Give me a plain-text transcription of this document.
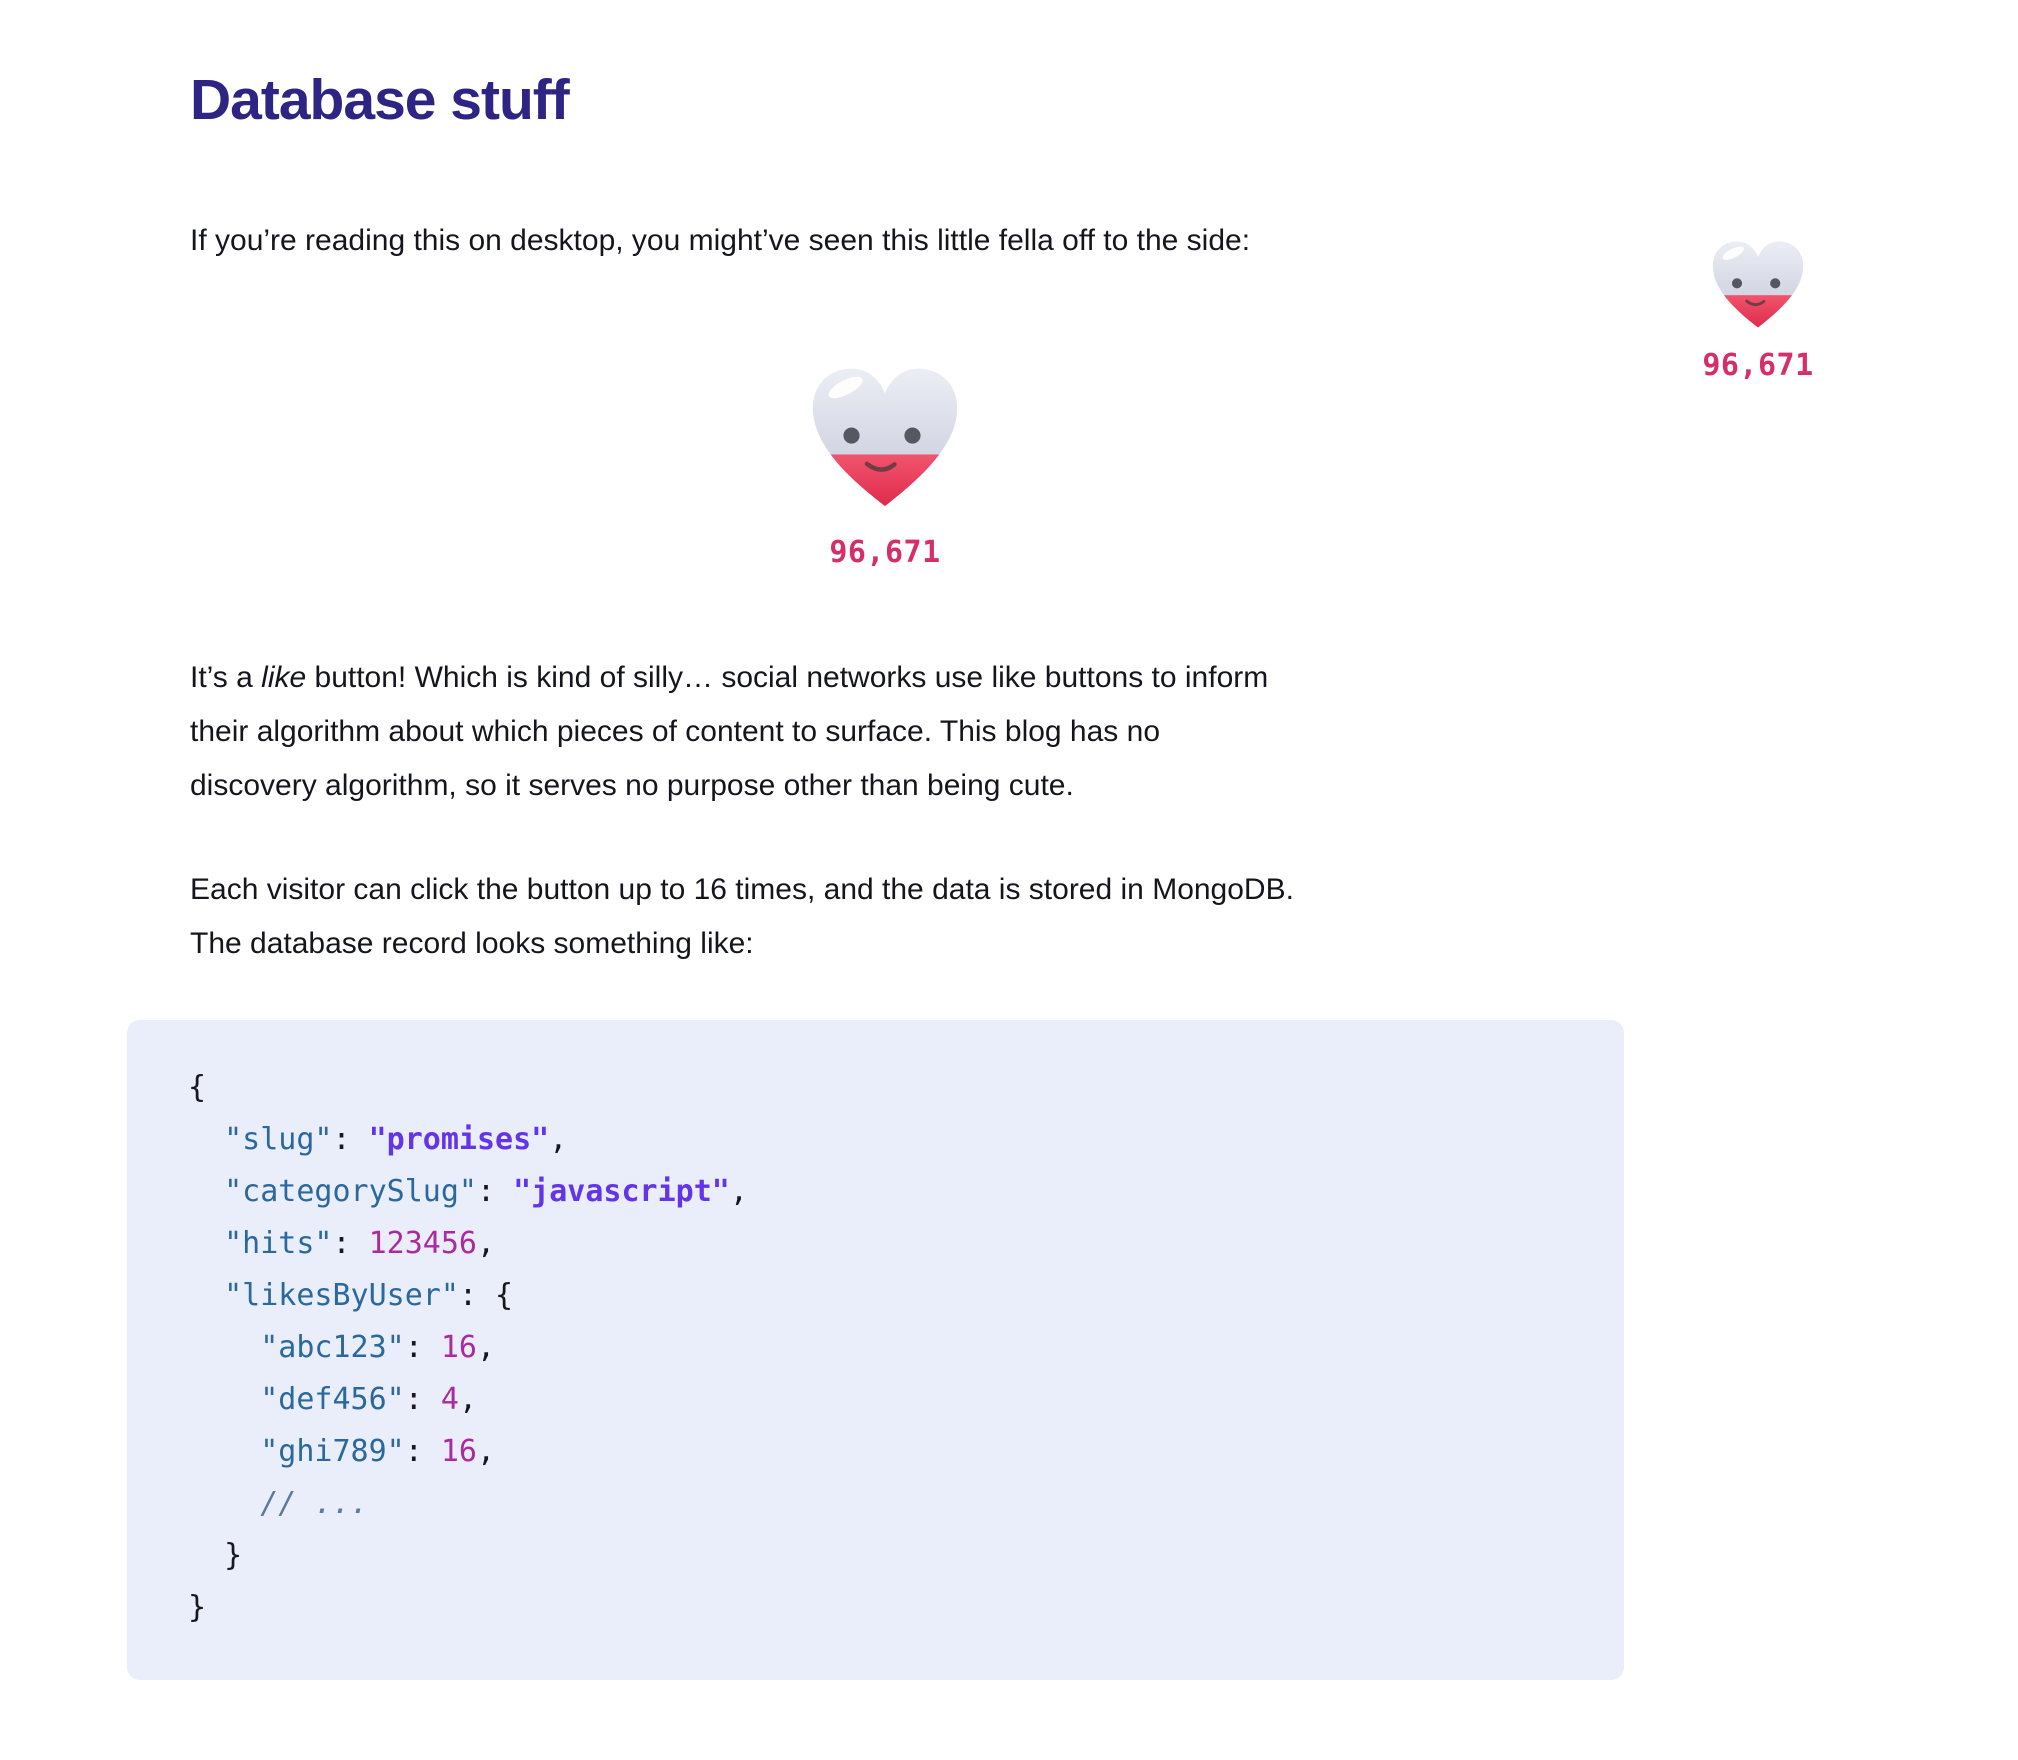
96,671
Database stuff

If you’re reading this on desktop, you might’ve seen this little fella off to the side:

96,671

It’s a like button! Which is kind of silly… social networks use like buttons to inform
their algorithm about which pieces of content to surface. This blog has no
discovery algorithm, so it serves no purpose other than being cute.

Each visitor can click the button up to 16 times, and the data is stored in MongoDB.
The database record looks something like:

{
"slug": "promises",
"categorySlug": "javascript",
"hits": 123456,
"likesByUser": {
"abc123": 16,
"def456": 4,
"ghi789": 16,
// ...
}
}
